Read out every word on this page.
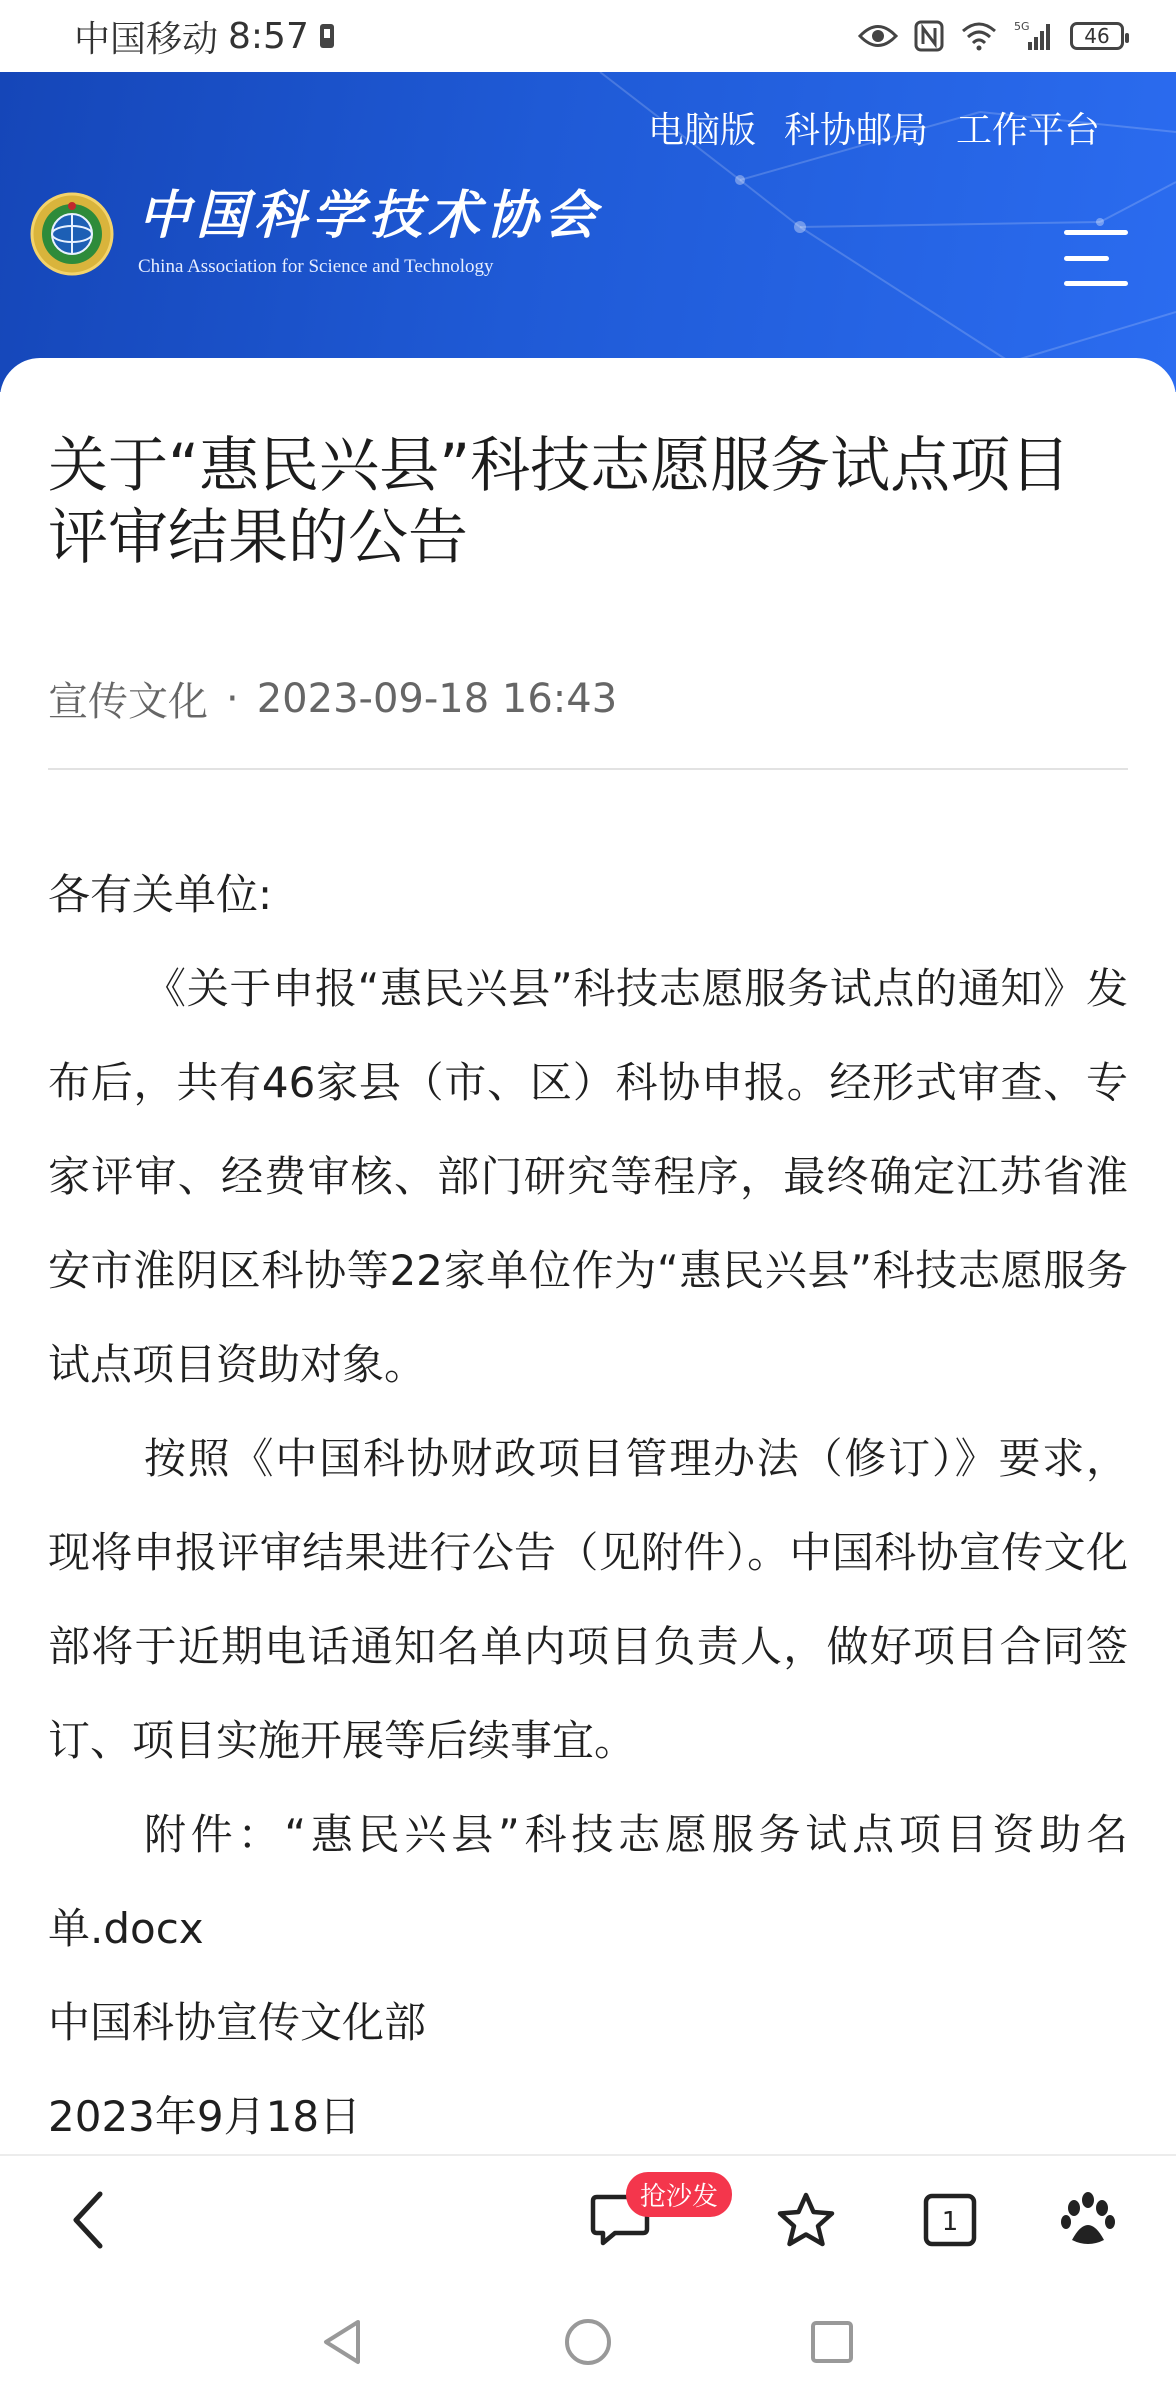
中国移动 8:57	5G	46
电脑版 科协邮局 工作平台
中国科学技术协会
China Association for Science and Technology
关于“惠民兴县”科技志愿服务试点项目评审结果的公告
宣传文化 · 2023-09-18 16:43

各有关单位:

《关于申报“惠民兴县”科技志愿服务试点的通知》发布后，共有46家县（市、区）科协申报。经形式审查、专家评审、经费审核、部门研究等程序，最终确定江苏省淮安市淮阴区科协等22家单位作为“惠民兴县”科技志愿服务试点项目资助对象。

按照《中国科协财政项目管理办法（修订）》要求，现将申报评审结果进行公告（见附件）。中国科协宣传文化部将于近期电话通知名单内项目负责人，做好项目合同签订、项目实施开展等后续事宜。

附件：“惠民兴县”科技志愿服务试点项目资助名单.docx

中国科协宣传文化部

2023年9月18日

抢沙发
1
